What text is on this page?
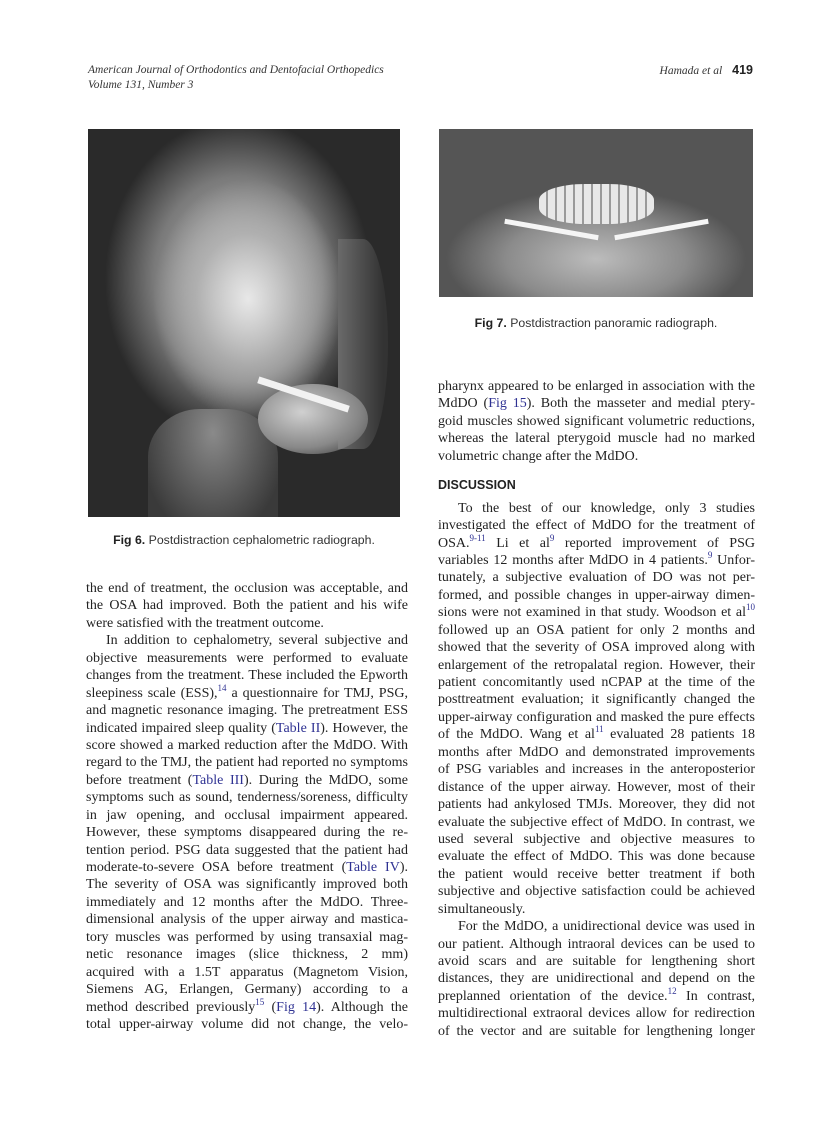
American Journal of Orthodontics and Dentofacial Orthopedics
Volume 131, Number 3
Hamada et al 419
Fig 6. Postdistraction cephalometric radiograph.
Fig 7. Postdistraction panoramic radiograph.
the end of treatment, the occlusion was acceptable, and
the OSA had improved. Both the patient and his wife
were satisfied with the treatment outcome.
In addition to cephalometry, several subjective and
objective measurements were performed to evaluate
changes from the treatment. These included the Epworth
sleepiness scale (ESS),$^{14}$ a questionnaire for TMJ, PSG,
and magnetic resonance imaging. The pretreatment ESS
indicated impaired sleep quality (Table II). However, the
score showed a marked reduction after the MdDO. With
regard to the TMJ, the patient had reported no symptoms
before treatment (Table III). During the MdDO, some
symptoms such as sound, tenderness/soreness, difficulty
in jaw opening, and occlusal impairment appeared.
However, these symptoms disappeared during the re-
tention period. PSG data suggested that the patient had
moderate-to-severe OSA before treatment (Table IV).
The severity of OSA was significantly improved both
immediately and 12 months after the MdDO. Three-
dimensional analysis of the upper airway and mastica-
tory muscles was performed by using transaxial mag-
netic resonance images (slice thickness, 2 mm)
acquired with a 1.5T apparatus (Magnetom Vision,
Siemens AG, Erlangen, Germany) according to a
method described previously$^{15}$ (Fig 14). Although the
total upper-airway volume did not change, the velo-
pharynx appeared to be enlarged in association with the
MdDO (Fig 15). Both the masseter and medial ptery-
goid muscles showed significant volumetric reductions,
whereas the lateral pterygoid muscle had no marked
volumetric change after the MdDO.
DISCUSSION
To the best of our knowledge, only 3 studies
investigated the effect of MdDO for the treatment of
OSA.$^{9-11}$ Li et $al^9$ reported improvement of PSG
variables 12 months after MdDO in 4 patients.$^9$ Unfor-
tunately, a subjective evaluation of DO was not per-
formed, and possible changes in upper-airway dimen-
sions were not examined in that study. Woodson et $al^{10}$
followed up an OSA patient for only 2 months and
showed that the severity of OSA improved along with
enlargement of the retropalatal region. However, their
patient concomitantly used nCPAP at the time of the
posttreatment evaluation; it significantly changed the
upper-airway configuration and masked the pure effects
of the MdDO. Wang et $al^{11}$ evaluated 28 patients 18
months after MdDO and demonstrated improvements
of PSG variables and increases in the anteroposterior
distance of the upper airway. However, most of their
patients had ankylosed TMJs. Moreover, they did not
evaluate the subjective effect of MdDO. In contrast, we
used several subjective and objective measures to
evaluate the effect of MdDO. This was done because
the patient would receive better treatment if both
subjective and objective satisfaction could be achieved
simultaneously.
For the MdDO, a unidirectional device was used in
our patient. Although intraoral devices can be used to
avoid scars and are suitable for lengthening short
distances, they are unidirectional and depend on the
preplanned orientation of the device.$^{12}$ In contrast,
multidirectional extraoral devices allow for redirection
of the vector and are suitable for lengthening longer
